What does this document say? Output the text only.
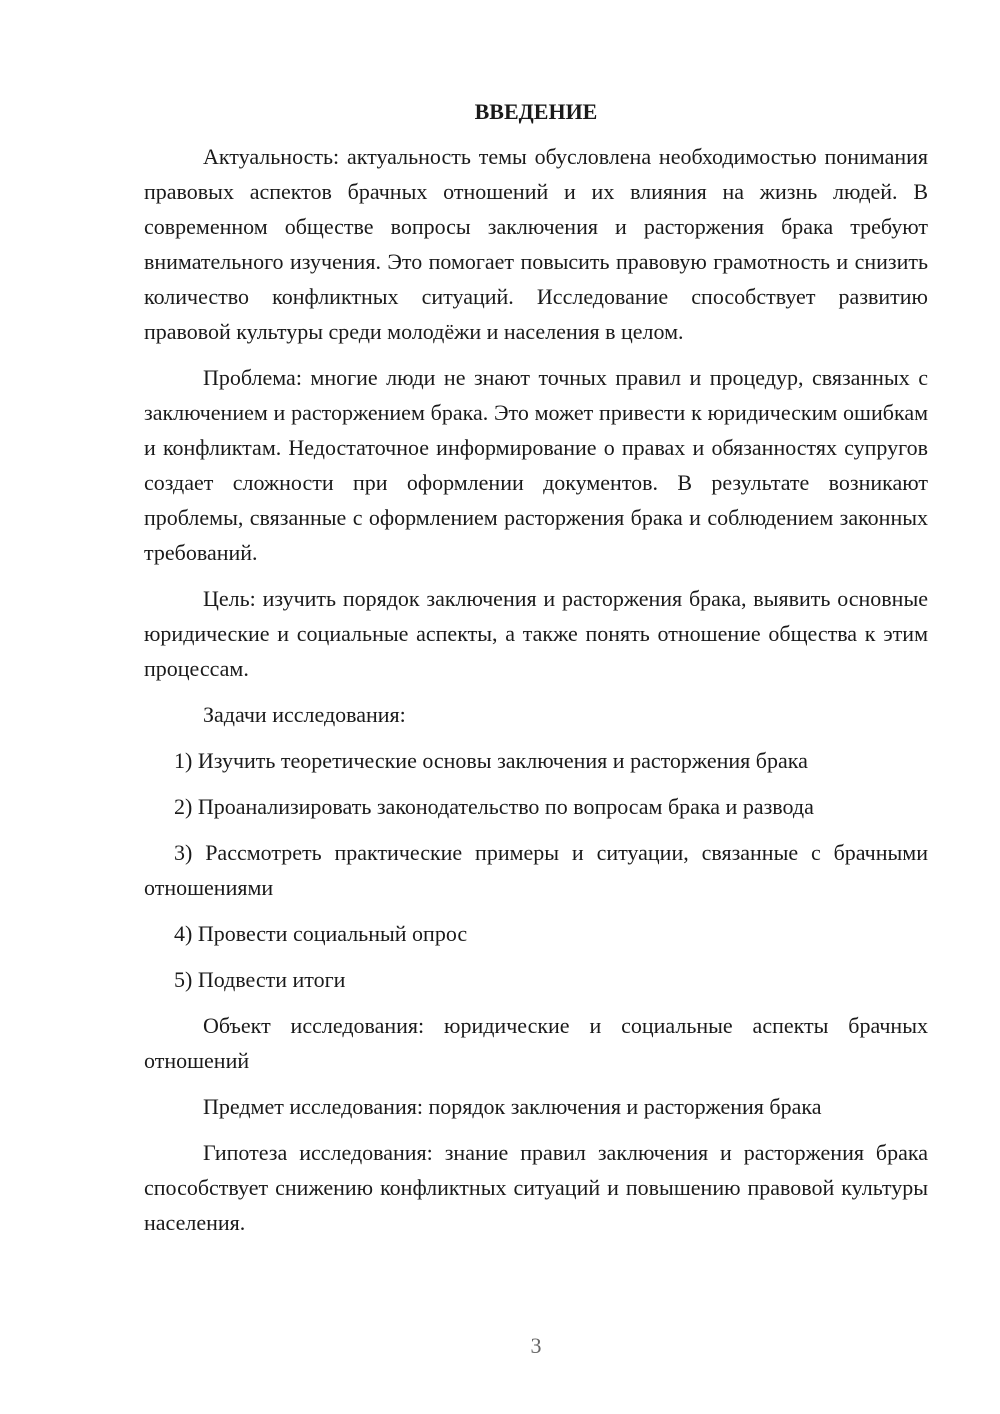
ВВЕДЕНИЕ

Актуальность: актуальность темы обусловлена необходимостью понимания правовых аспектов брачных отношений и их влияния на жизнь людей. В современном обществе вопросы заключения и расторжения брака требуют внимательного изучения. Это помогает повысить правовую грамотность и снизить количество конфликтных ситуаций. Исследование способствует развитию правовой культуры среди молодёжи и населения в целом.

Проблема: многие люди не знают точных правил и процедур, связанных с заключением и расторжением брака. Это может привести к юридическим ошибкам и конфликтам. Недостаточное информирование о правах и обязанностях супругов создает сложности при оформлении документов. В результате возникают проблемы, связанные с оформлением расторжения брака и соблюдением законных требований.

Цель: изучить порядок заключения и расторжения брака, выявить основные юридические и социальные аспекты, а также понять отношение общества к этим процессам.

Задачи исследования:

1) Изучить теоретические основы заключения и расторжения брака

2) Проанализировать законодательство по вопросам брака и развода

3) Рассмотреть практические примеры и ситуации, связанные с брачными отношениями

4) Провести социальный опрос

5) Подвести итоги

Объект исследования: юридические и социальные аспекты брачных отношений

Предмет исследования: порядок заключения и расторжения брака

Гипотеза исследования: знание правил заключения и расторжения брака способствует снижению конфликтных ситуаций и повышению правовой культуры населения.

3
